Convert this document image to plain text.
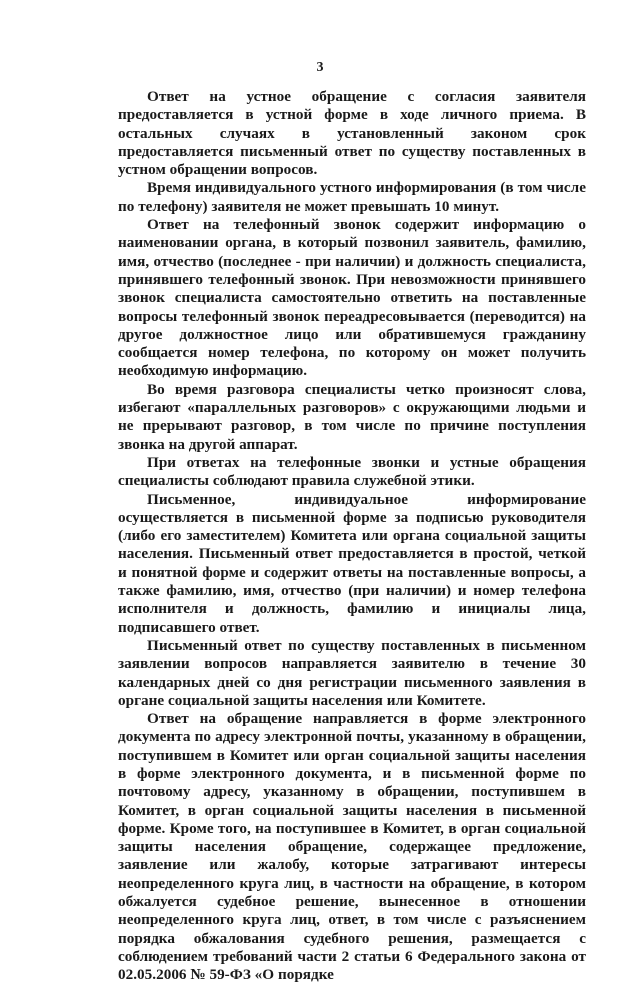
3

Ответ на устное обращение с согласия заявителя предоставляется в устной форме в ходе личного приема. В остальных случаях в установленный законом срок предоставляется письменный ответ по существу поставленных в устном обращении вопросов.

Время индивидуального устного информирования (в том числе по телефону) заявителя не может превышать 10 минут.

Ответ на телефонный звонок содержит информацию о наименовании органа, в который позвонил заявитель, фамилию, имя, отчество (последнее - при наличии) и должность специалиста, принявшего телефонный звонок. При невозможности принявшего звонок специалиста самостоятельно ответить на поставленные вопросы телефонный звонок переадресовывается (переводится) на другое должностное лицо или обратившемуся гражданину сообщается номер телефона, по которому он может получить необходимую информацию.

Во время разговора специалисты четко произносят слова, избегают «параллельных разговоров» с окружающими людьми и не прерывают разговор, в том числе по причине поступления звонка на другой аппарат.

При ответах на телефонные звонки и устные обращения специалисты соблюдают правила служебной этики.

Письменное, индивидуальное информирование осуществляется в письменной форме за подписью руководителя (либо его заместителем) Комитета или органа социальной защиты населения. Письменный ответ предоставляется в простой, четкой и понятной форме и содержит ответы на поставленные вопросы, а также фамилию, имя, отчество (при наличии) и номер телефона исполнителя и должность, фамилию и инициалы лица, подписавшего ответ.

Письменный ответ по существу поставленных в письменном заявлении вопросов направляется заявителю в течение 30 календарных дней со дня регистрации письменного заявления в органе социальной защиты населения или Комитете.

Ответ на обращение направляется в форме электронного документа по адресу электронной почты, указанному в обращении, поступившем в Комитет или орган социальной защиты населения в форме электронного документа, и в письменной форме по почтовому адресу, указанному в обращении, поступившем в Комитет, в орган социальной защиты населения в письменной форме. Кроме того, на поступившее в Комитет, в орган социальной защиты населения обращение, содержащее предложение, заявление или жалобу, которые затрагивают интересы неопределенного круга лиц, в частности на обращение, в котором обжалуется судебное решение, вынесенное в отношении неопределенного круга лиц, ответ, в том числе с разъяснением порядка обжалования судебного решения, размещается с соблюдением требований части 2 статьи 6 Федерального закона от 02.05.2006 № 59-ФЗ «О порядке
